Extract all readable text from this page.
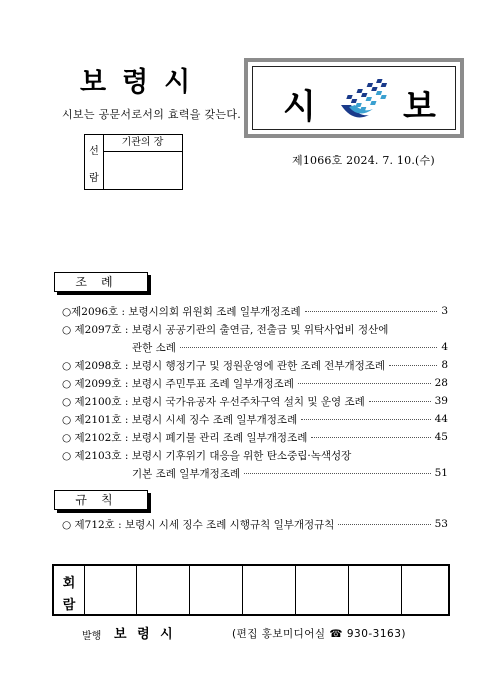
보령시
시보는 공문서로서의 효력을 갖는다.
선
람
기관의 장
시	보
제1066호 2024. 7. 10.(수)
조례
○제2096호 : 보령시의회 위원회 조례 일부개정조례	3
○ 제2097호 : 보령시 공공기관의 출연금, 전출금 및 위탁사업비 정산에
관한 소례	4
○ 제2098호 : 보령시 행정기구 및 정원운영에 관한 조례 전부개정조례	8
○ 제2099호 : 보령시 주민투표 조례 일부개정조례	28
○ 제2100호 : 보령시 국가유공자 우선주차구역 설치 및 운영 조례	39
○ 제2101호 : 보령시 시세 징수 조례 일부개정조례	44
○ 제2102호 : 보령시 폐기물 관리 조례 일부개정조례	45
○ 제2103호 : 보령시 기후위기 대응을 위한 탄소중립·녹색성장
기본 조례 일부개정조례	51
규칙
○ 제712호 : 보령시 시세 징수 조례 시행규칙 일부개정규칙	53
회
람
발행 보 령 시	(편집 홍보미디어실 ☎ 930-3163)
